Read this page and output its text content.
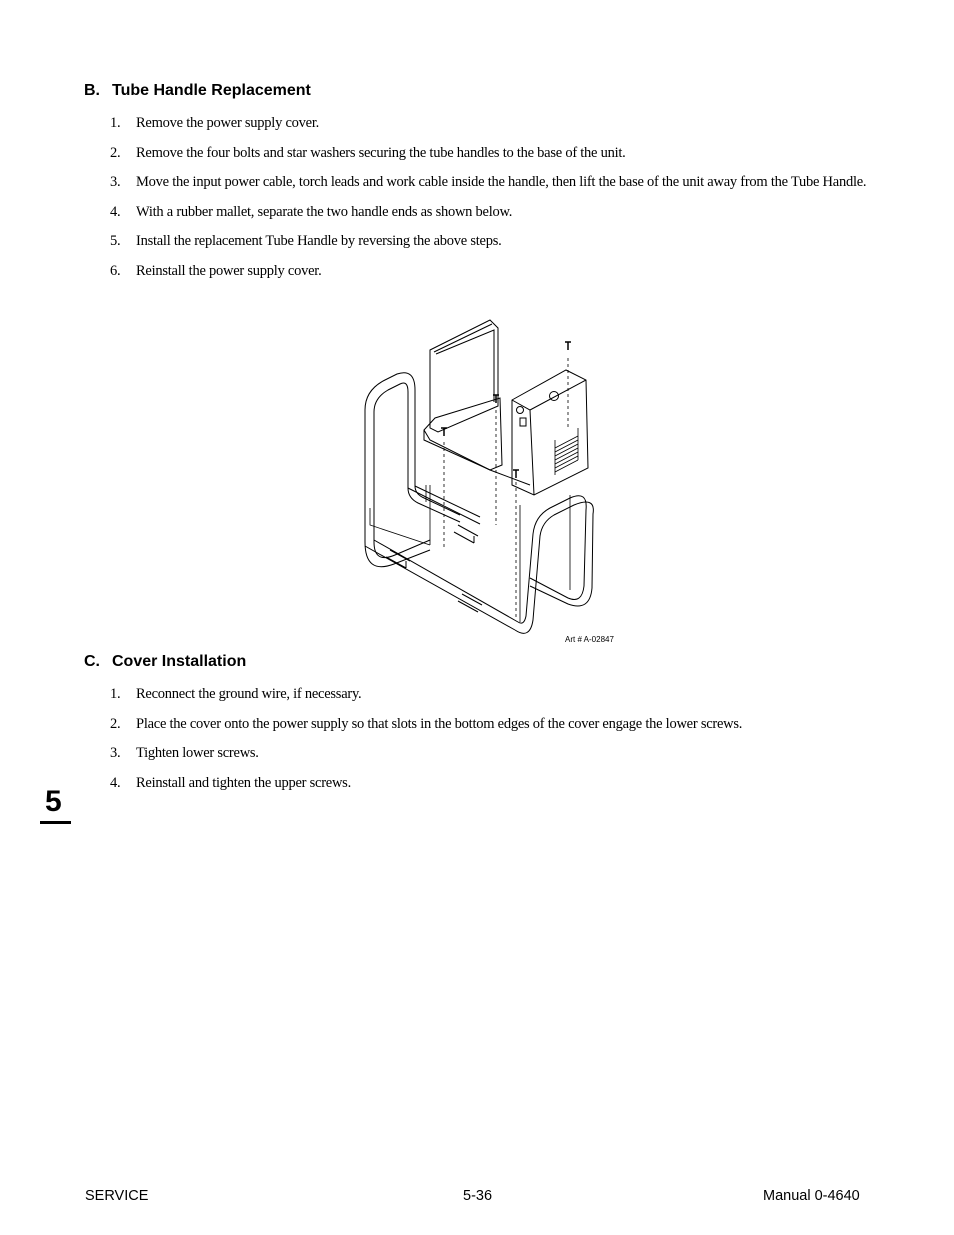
B. Tube Handle Replacement
1. Remove the power supply cover.
2. Remove the four bolts and star washers securing the tube handles to the base of the unit.
3. Move the input power cable, torch leads and work cable inside the handle, then lift the base of the unit away from the Tube Handle.
4. With a rubber mallet, separate the two handle ends as shown below.
5. Install the replacement Tube Handle by reversing the above steps.
6. Reinstall the power supply cover.
Art # A-02847
C. Cover Installation
1. Reconnect the ground wire, if necessary.
2. Place the cover onto the power supply so that slots in the bottom edges of the cover engage the lower screws.
3. Tighten lower screws.
4. Reinstall and tighten the upper screws.
5
SERVICE	5-36	Manual 0-4640
